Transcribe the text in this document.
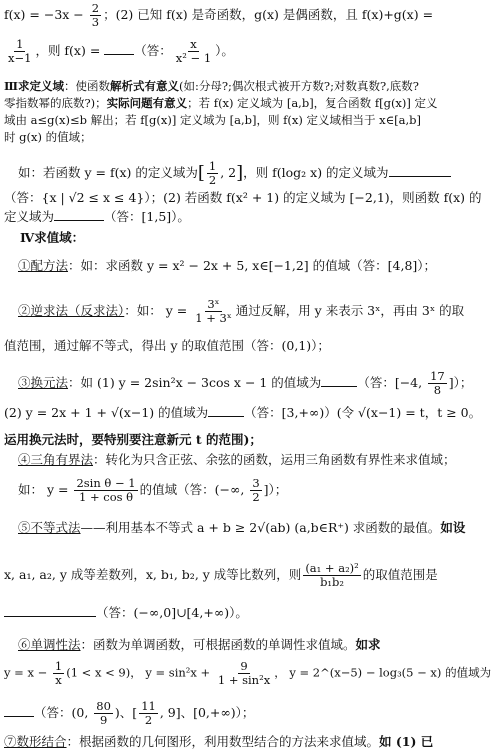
$f(x) = -3x - \frac{2}{3}$ ；(2) 已知 f(x) 是奇函数，g(x) 是偶函数，且 f(x)+g(x) =
$\frac{1}{x-1}$ ，则 f(x) = （答： $\frac{x}{\text{x² − 1}}$ ）。
Ⅲ求定义域：使函数解析式有意义(如:分母?;偶次根式被开方数?;对数真数?,底数?
零指数幂的底数?)；实际问题有意义；若 f(x) 定义域为 [a,b]，复合函数 f[g(x)] 定义
域由 a≤g(x)≤b 解出；若 f[g(x)] 定义域为 [a,b]，则 f(x) 定义域相当于 x∈[a,b]
时 g(x) 的值域；
如：若函数 y = f(x) 的定义域为[ $\frac{1}{2}$ , 2]，则 f(log₂ x) 的定义域为
（答：{x | √2 ≤ x ≤ 4}）；(2) 若函数 f(x² + 1) 的定义域为 [−2,1)，则函数 f(x) 的
定义域为	（答：[1,5]）。
Ⅳ求值域：
①配方法：如：求函数 y = x² − 2x + 5, x∈[−1,2] 的值域（答：[4,8]）；
②逆求法（反求法）：如： $y = \frac{\text{3ˣ}}{\text{1 + 3ˣ}}$ 通过反解，用 y 来表示 3ˣ，再由 3ˣ 的取
值范围，通过解不等式，得出 y 的取值范围（答：(0,1)）；
③换元法：如 (1) y = 2sin²x − 3cos x − 1 的值域为	（答：[−4, $\frac{17}{8}$ ]）；
(2) y = 2x + 1 + √(x−1) 的值域为	（答：[3,+∞)）(令 √(x−1) = t，t ≥ 0。
运用换元法时，要特别要注意新元 t 的范围)；
④三角有界法：转化为只含正弦、余弦的函数，运用三角函数有界性来求值域；
如： $y = \frac{\text{2sin θ − 1}}{\text{1 + cos θ}}$ 的值域（答：(−∞, $\frac{3}{2}$ ]）；
⑤不等式法——利用基本不等式 a + b ≥ 2√(ab) (a,b∈R⁺) 求函数的最值。如设
x, a₁, a₂, y 成等差数列，x, b₁, b₂, y 成等比数列，则 $\frac{\text{(a₁ + a₂)²}}{\text{b₁b₂}}$ 的取值范围是
（答：(−∞,0]∪[4,+∞)）。
⑥单调性法：函数为单调函数，可根据函数的单调性求值域。如求
$y = x - \frac{1}{x} (1 < x < 9)$， $y = \sin^2x + \frac{9}{\text{1 + sin²x}}$ ， y = 2^(x−5) − log₃(5 − x) 的值域为
（答：(0, $\frac{80}{9}$ )、[ $\frac{11}{2}$ , 9]、[0,+∞)）；
⑦数形结合：根据函数的几何图形，利用数型结合的方法来求值域。如 (1) 已
